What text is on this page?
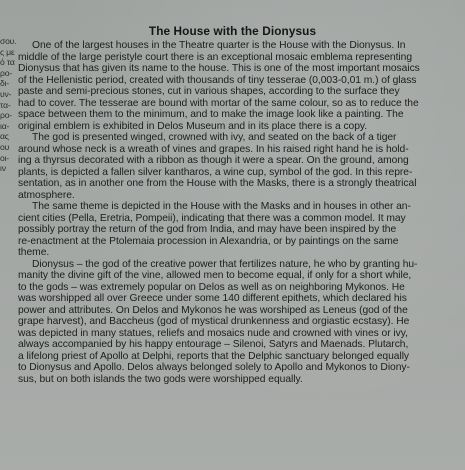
σου.
ς με
ό τα
ρο-
δι-
υν-
τα-
ρο-
ια-
ας
ου
οι-
ιν
The House with the Dionysus
One of the largest houses in the Theatre quarter is the House with the Dionysus. In
middle of the large peristyle court there is an exceptional mosaic emblema representing
Dionysus that has given its name to the house. This is one of the most important mosaics
of the Hellenistic period, created with thousands of tiny tesserae (0,003-0,01 m.) of glass
paste and semi-precious stones, cut in various shapes, according to the surface they
had to cover. The tesserae are bound with mortar of the same colour, so as to reduce the
space between them to the minimum, and to make the image look like a painting. The
original emblem is exhibited in Delos Museum and in its place there is a copy.
The god is presented winged, crowned with ivy, and seated on the back of a tiger
around whose neck is a wreath of vines and grapes. In his raised right hand he is hold-
ing a thyrsus decorated with a ribbon as though it were a spear. On the ground, among
plants, is depicted a fallen silver kantharos, a wine cup, symbol of the god. In this repre-
sentation, as in another one from the House with the Masks, there is a strongly theatrical
atmosphere.
The same theme is depicted in the House with the Masks and in houses in other an-
cient cities (Pella, Eretria, Pompeii), indicating that there was a common model. It may
possibly portray the return of the god from India, and may have been inspired by the
re-enactment at the Ptolemaia procession in Alexandria, or by paintings on the same
theme.
Dionysus – the god of the creative power that fertilizes nature, he who by granting hu-
manity the divine gift of the vine, allowed men to become equal, if only for a short while,
to the gods – was extremely popular on Delos as well as on neighboring Mykonos. He
was worshipped all over Greece under some 140 different epithets, which declared his
power and attributes. On Delos and Mykonos he was worshiped as Leneus (god of the
grape harvest), and Baccheus (god of mystical drunkenness and orgiastic ecstasy). He
was depicted in many statues, reliefs and mosaics nude and crowned with vines or ivy,
always accompanied by his happy entourage – Silenoi, Satyrs and Maenads. Plutarch,
a lifelong priest of Apollo at Delphi, reports that the Delphic sanctuary belonged equally
to Dionysus and Apollo. Delos always belonged solely to Apollo and Mykonos to Diony-
sus, but on both islands the two gods were worshipped equally.
